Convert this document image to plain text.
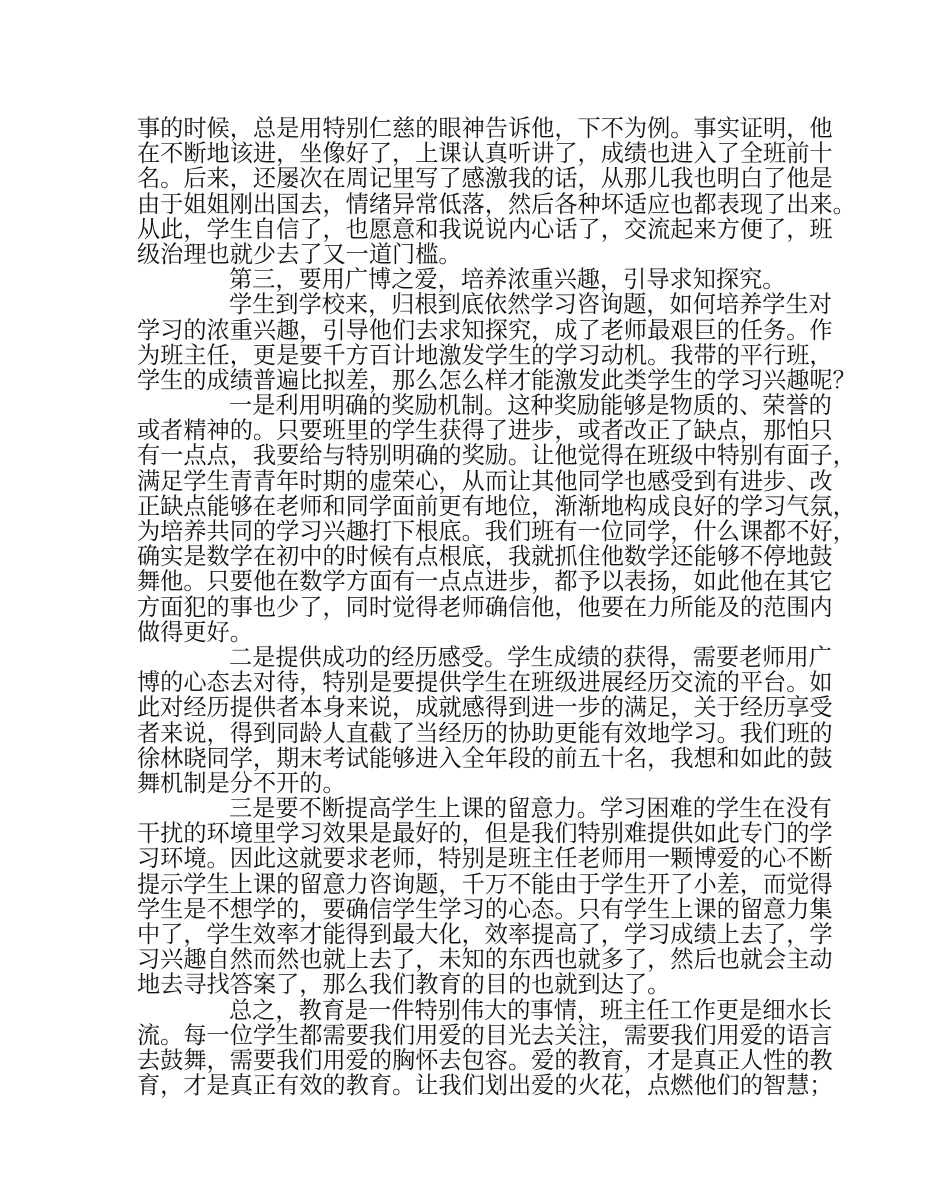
事的时候，总是用特别仁慈的眼神告诉他，下不为例。事实证明，他
在不断地该进，坐像好了，上课认真听讲了，成绩也进入了全班前十
名。后来，还屡次在周记里写了感激我的话，从那儿我也明白了他是
由于姐姐刚出国去，情绪异常低落，然后各种坏适应也都表现了出来。
从此，学生自信了，也愿意和我说说内心话了，交流起来方便了，班
级治理也就少去了又一道门槛。
第三，要用广博之爱，培养浓重兴趣，引导求知探究。
学生到学校来，归根到底依然学习咨询题，如何培养学生对
学习的浓重兴趣，引导他们去求知探究，成了老师最艰巨的任务。作
为班主任，更是要千方百计地激发学生的学习动机。我带的平行班，
学生的成绩普遍比拟差，那么怎么样才能激发此类学生的学习兴趣呢？
一是利用明确的奖励机制。这种奖励能够是物质的、荣誉的
或者精神的。只要班里的学生获得了进步，或者改正了缺点，那怕只
有一点点，我要给与特别明确的奖励。让他觉得在班级中特别有面子，
满足学生青青年时期的虚荣心，从而让其他同学也感受到有进步、改
正缺点能够在老师和同学面前更有地位，渐渐地构成良好的学习气氛，
为培养共同的学习兴趣打下根底。我们班有一位同学，什么课都不好，
确实是数学在初中的时候有点根底，我就抓住他数学还能够不停地鼓
舞他。只要他在数学方面有一点点进步，都予以表扬，如此他在其它
方面犯的事也少了，同时觉得老师确信他，他要在力所能及的范围内
做得更好。
二是提供成功的经历感受。学生成绩的获得，需要老师用广
博的心态去对待，特别是要提供学生在班级进展经历交流的平台。如
此对经历提供者本身来说，成就感得到进一步的满足，关于经历享受
者来说，得到同龄人直截了当经历的协助更能有效地学习。我们班的
徐林晓同学，期末考试能够进入全年段的前五十名，我想和如此的鼓
舞机制是分不开的。
三是要不断提高学生上课的留意力。学习困难的学生在没有
干扰的环境里学习效果是最好的，但是我们特别难提供如此专门的学
习环境。因此这就要求老师，特别是班主任老师用一颗博爱的心不断
提示学生上课的留意力咨询题，千万不能由于学生开了小差，而觉得
学生是不想学的，要确信学生学习的心态。只有学生上课的留意力集
中了，学生效率才能得到最大化，效率提高了，学习成绩上去了，学
习兴趣自然而然也就上去了，未知的东西也就多了，然后也就会主动
地去寻找答案了，那么我们教育的目的也就到达了。
总之，教育是一件特别伟大的事情，班主任工作更是细水长
流。每一位学生都需要我们用爱的目光去关注，需要我们用爱的语言
去鼓舞，需要我们用爱的胸怀去包容。爱的教育，才是真正人性的教
育，才是真正有效的教育。让我们划出爱的火花，点燃他们的智慧；
